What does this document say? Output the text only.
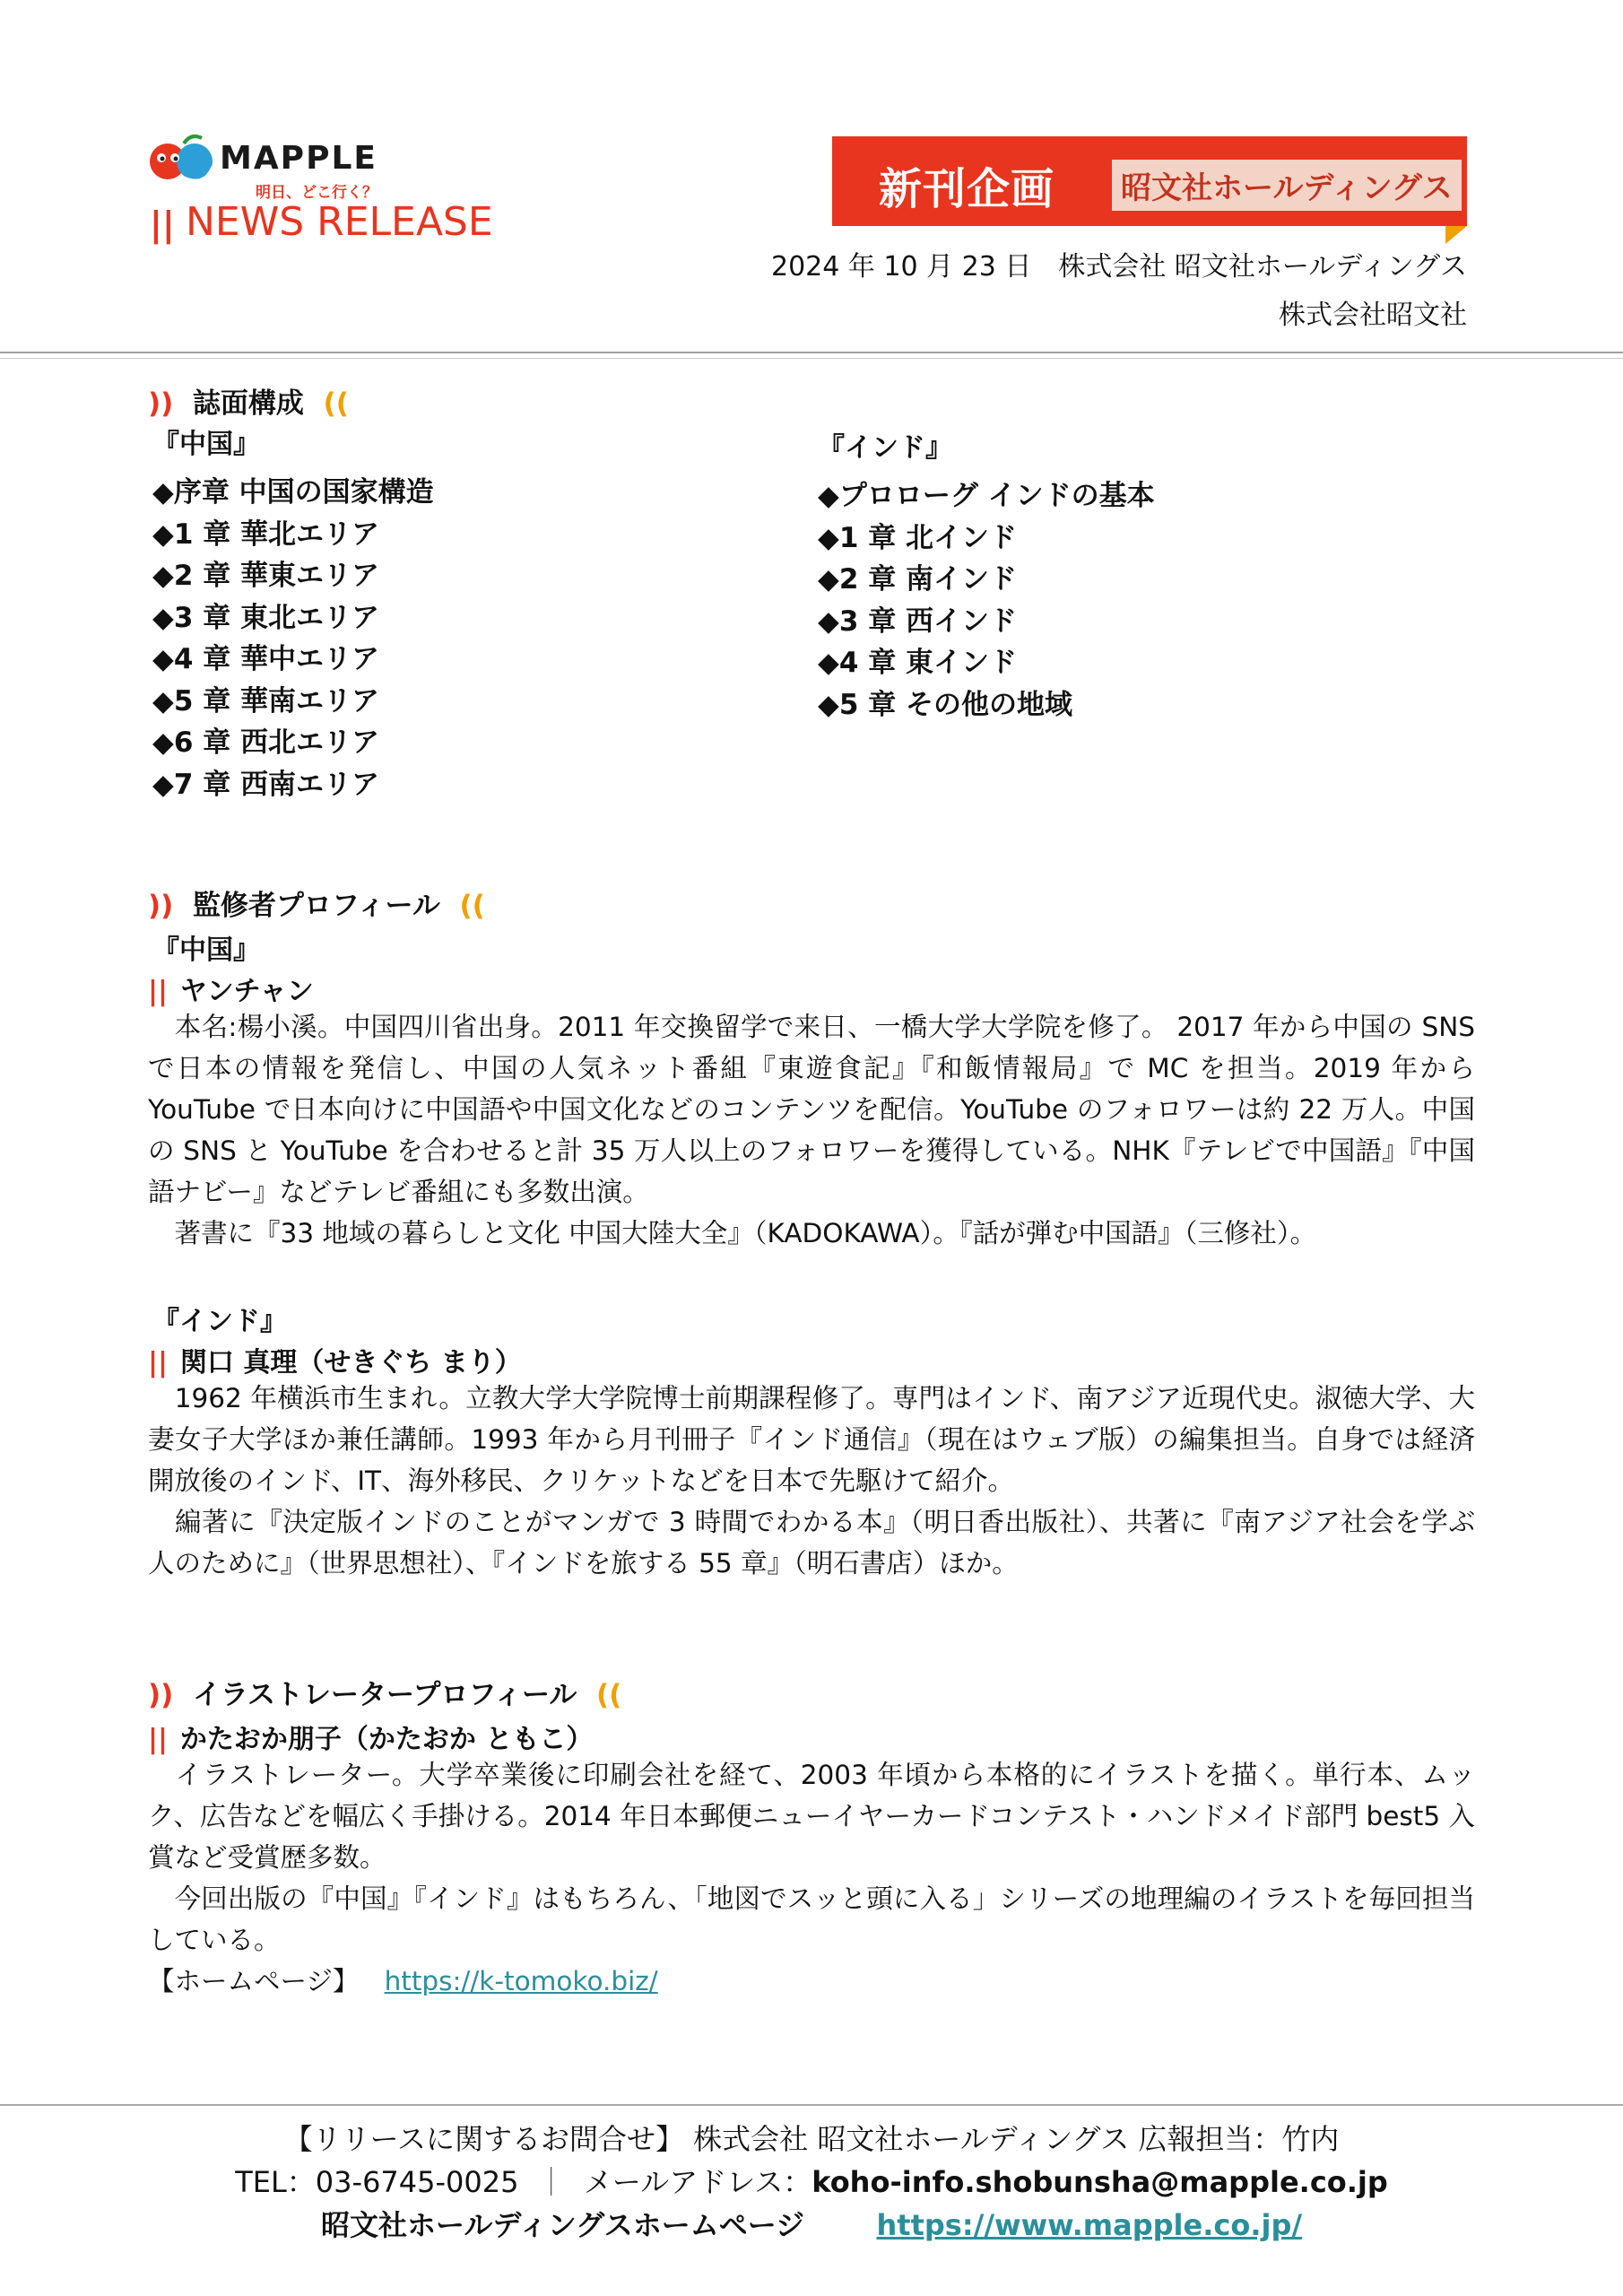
MAPPLE
明日、どこ行く？
|| NEWS RELEASE
新刊企画 昭文社ホールディングス
2024 年 10 月 23 日　株式会社 昭文社ホールディングス
株式会社昭文社
)) 誌面構成 ((
『中国』
◆序章 中国の国家構造
◆1 章 華北エリア
◆2 章 華東エリア
◆3 章 東北エリア
◆4 章 華中エリア
◆5 章 華南エリア
◆6 章 西北エリア
◆7 章 西南エリア
『インド』
◆プロローグ インドの基本
◆1 章 北インド
◆2 章 南インド
◆3 章 西インド
◆4 章 東インド
◆5 章 その他の地域
)) 監修者プロフィール ((
『中国』
|| ヤンチャン
　本名:楊小溪。中国四川省出身。2011 年交換留学で来日、一橋大学大学院を修了。 2017 年から中国の SNS で日本の情報を発信し、中国の人気ネット番組『東遊食記』『和飯情報局』で MC を担当。2019 年から YouTube で日本向けに中国語や中国文化などのコンテンツを配信。YouTube のフォロワーは約 22 万人。中国の SNS と YouTube を合わせると計 35 万人以上のフォロワーを獲得している。NHK『テレビで中国語』『中国語ナビー』などテレビ番組にも多数出演。
　著書に『33 地域の暮らしと文化 中国大陸大全』（KADOKAWA）。『話が弾む中国語』（三修社）。
『インド』
|| 関口 真理（せきぐち まり）
　1962 年横浜市生まれ。立教大学大学院博士前期課程修了。専門はインド、南アジア近現代史。淑徳大学、大妻女子大学ほか兼任講師。1993 年から月刊冊子『インド通信』（現在はウェブ版）の編集担当。自身では経済開放後のインド、IT、海外移民、クリケットなどを日本で先駆けて紹介。
　編著に『決定版インドのことがマンガで 3 時間でわかる本』（明日香出版社）、共著に『南アジア社会を学ぶ人のために』（世界思想社）、『インドを旅する 55 章』（明石書店）ほか。
)) イラストレータープロフィール ((
|| かたおか朋子（かたおか ともこ）
　イラストレーター。大学卒業後に印刷会社を経て、2003 年頃から本格的にイラストを描く。単行本、ムック、広告などを幅広く手掛ける。2014 年日本郵便ニューイヤーカードコンテスト・ハンドメイド部門 best5 入賞など受賞歴多数。
　今回出版の『中国』『インド』はもちろん、「地図でスッと頭に入る」シリーズの地理編のイラストを毎回担当している。
【ホームページ】 https://k-tomoko.biz/
【リリースに関するお問合せ】 株式会社 昭文社ホールディングス 広報担当：竹内
TEL：03-6745-0025 ｜ メールアドレス：koho-info.shobunsha@mapple.co.jp
昭文社ホールディングスホームページ	https://www.mapple.co.jp/
